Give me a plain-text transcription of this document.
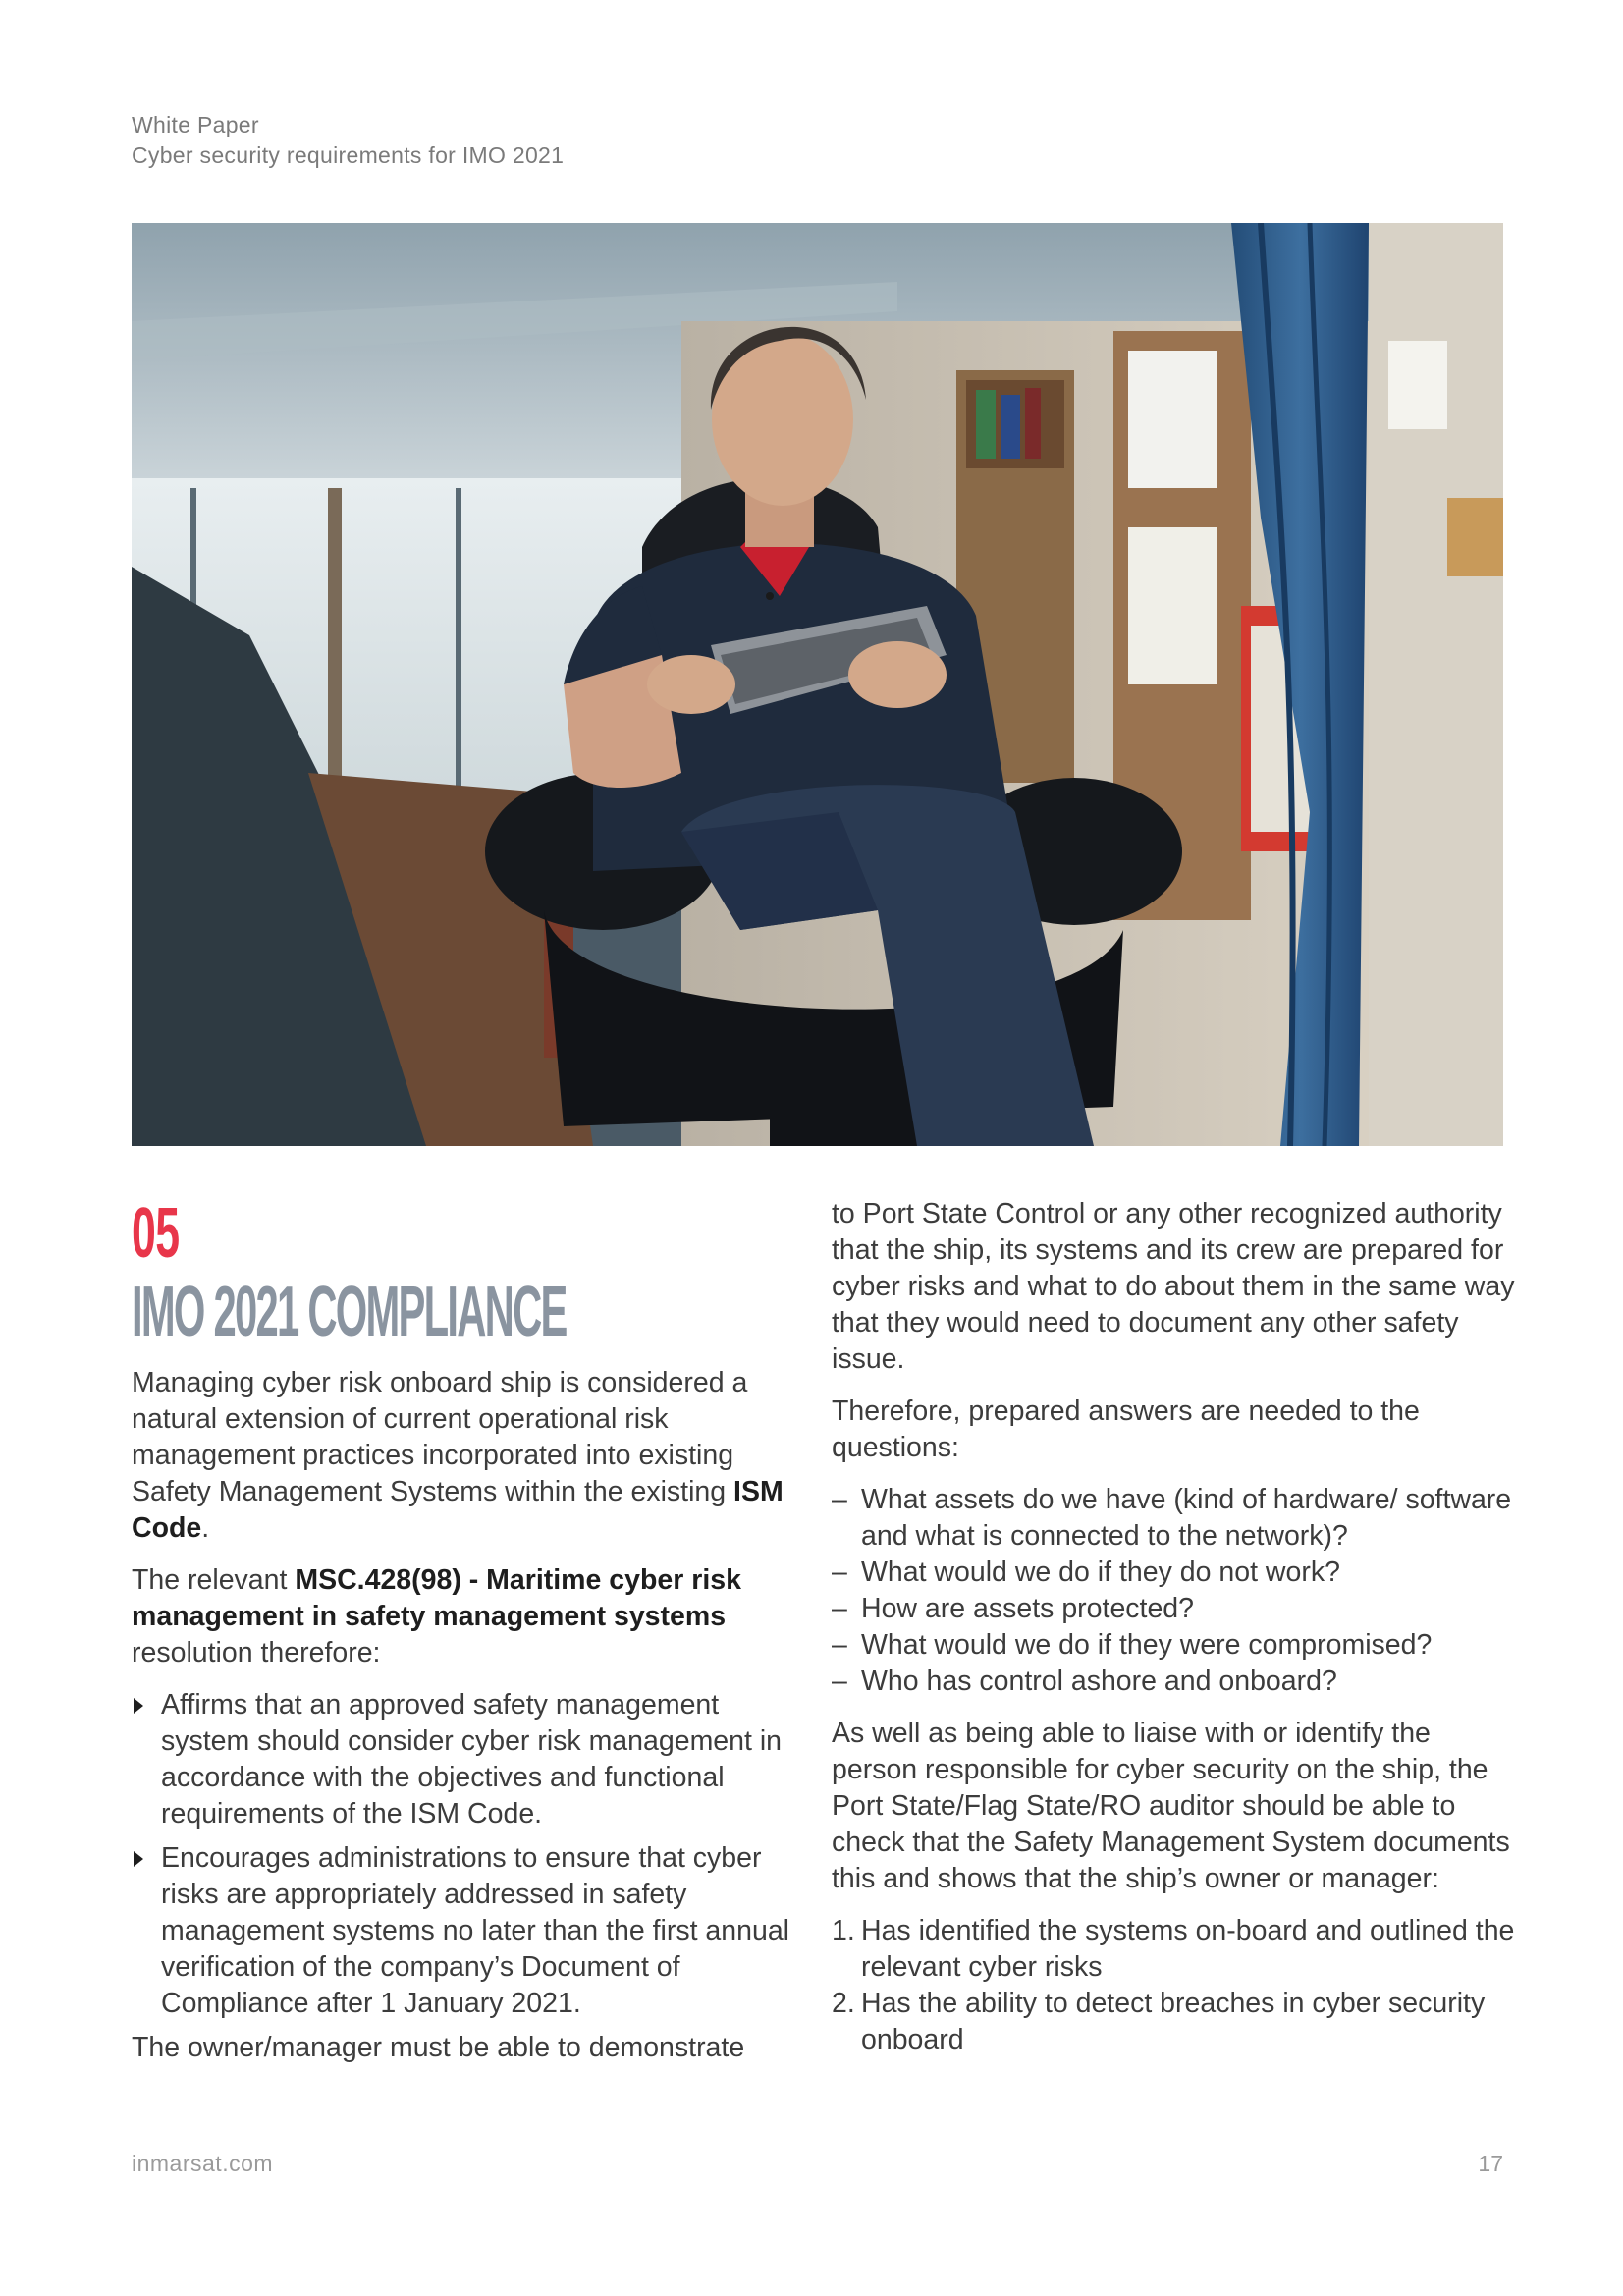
White Paper
Cyber security requirements for IMO 2021
05
IMO 2021 COMPLIANCE

Managing cyber risk onboard ship is considered a natural extension of current operational risk management practices incorporated into existing Safety Management Systems within the existing ISM Code.

The relevant MSC.428(98) - Maritime cyber risk management in safety management systems resolution therefore:

Affirms that an approved safety management system should consider cyber risk management in accordance with the objectives and functional requirements of the ISM Code.
Encourages administrations to ensure that cyber risks are appropriately addressed in safety management systems no later than the first annual verification of the company’s Document of Compliance after 1 January 2021.

The owner/manager must be able to demonstrate

to Port State Control or any other recognized authority that the ship, its systems and its crew are prepared for cyber risks and what to do about them in the same way that they would need to document any other safety issue.

Therefore, prepared answers are needed to the questions:

– What assets do we have (kind of hardware/ software and what is connected to the network)?
– What would we do if they do not work?
– How are assets protected?
– What would we do if they were compromised?
– Who has control ashore and onboard?

As well as being able to liaise with or identify the person responsible for cyber security on the ship, the Port State/Flag State/RO auditor should be able to check that the Safety Management System documents this and shows that the ship’s owner or manager:

1. Has identified the systems on-board and outlined the relevant cyber risks
2. Has the ability to detect breaches in cyber security onboard
inmarsat.com	17
